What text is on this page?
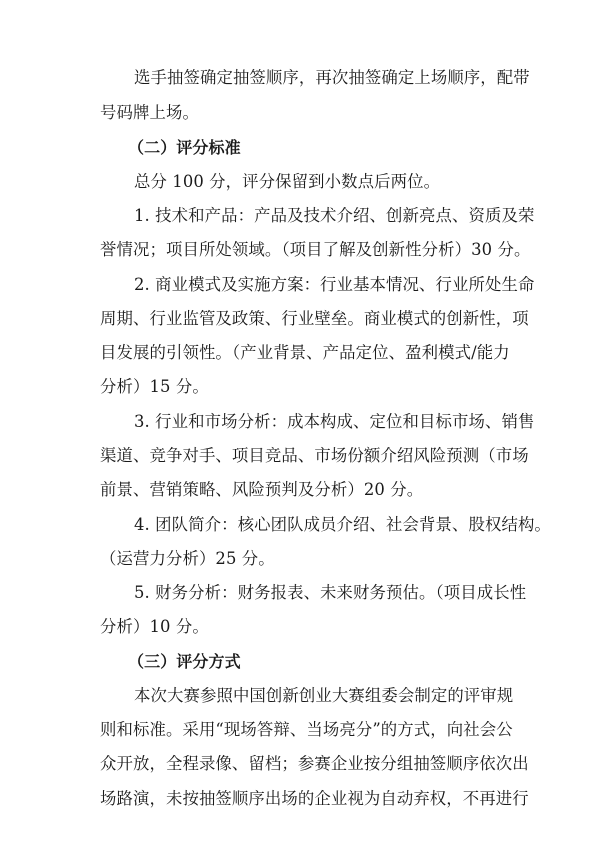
选手抽签确定抽签顺序，再次抽签确定上场顺序，配带
号码牌上场。
（二）评分标准
总分 100 分，评分保留到小数点后两位。
1. 技术和产品：产品及技术介绍、创新亮点、资质及荣
誉情况；项目所处领域。（项目了解及创新性分析）30 分。
2. 商业模式及实施方案：行业基本情况、行业所处生命
周期、行业监管及政策、行业壁垒。商业模式的创新性，项
目发展的引领性。（产业背景、产品定位、盈利模式/能力
分析）15 分。
3. 行业和市场分析：成本构成、定位和目标市场、销售
渠道、竞争对手、项目竞品、市场份额介绍风险预测（市场
前景、营销策略、风险预判及分析）20 分。
4. 团队简介：核心团队成员介绍、社会背景、股权结构。
（运营力分析）25 分。
5. 财务分析：财务报表、未来财务预估。（项目成长性
分析）10 分。
（三）评分方式
本次大赛参照中国创新创业大赛组委会制定的评审规
则和标准。采用“现场答辩、当场亮分”的方式，向社会公
众开放，全程录像、留档；参赛企业按分组抽签顺序依次出
场路演，未按抽签顺序出场的企业视为自动弃权，不再进行
